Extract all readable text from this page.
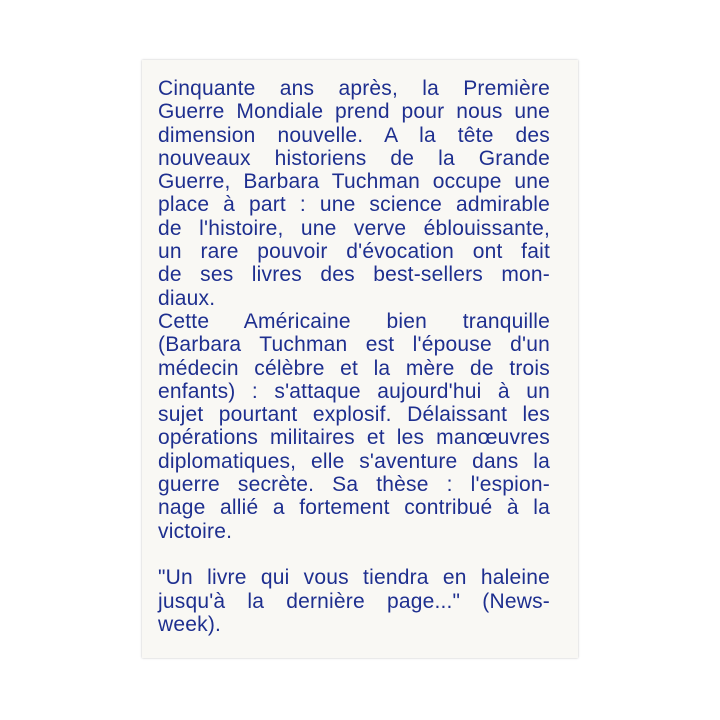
Cinquante ans après, la Première
Guerre Mondiale prend pour nous une
dimension nouvelle. A la tête des
nouveaux historiens de la Grande
Guerre, Barbara Tuchman occupe une
place à part : une science admirable
de l'histoire, une verve éblouissante,
un rare pouvoir d'évocation ont fait
de ses livres des best-sellers mon-
diaux.
Cette Américaine bien tranquille
(Barbara Tuchman est l'épouse d'un
médecin célèbre et la mère de trois
enfants) : s'attaque aujourd'hui à un
sujet pourtant explosif. Délaissant les
opérations militaires et les manœuvres
diplomatiques, elle s'aventure dans la
guerre secrète. Sa thèse : l'espion-
nage allié a fortement contribué à la
victoire.
"Un livre qui vous tiendra en haleine
jusqu'à la dernière page..." (News-
week).
